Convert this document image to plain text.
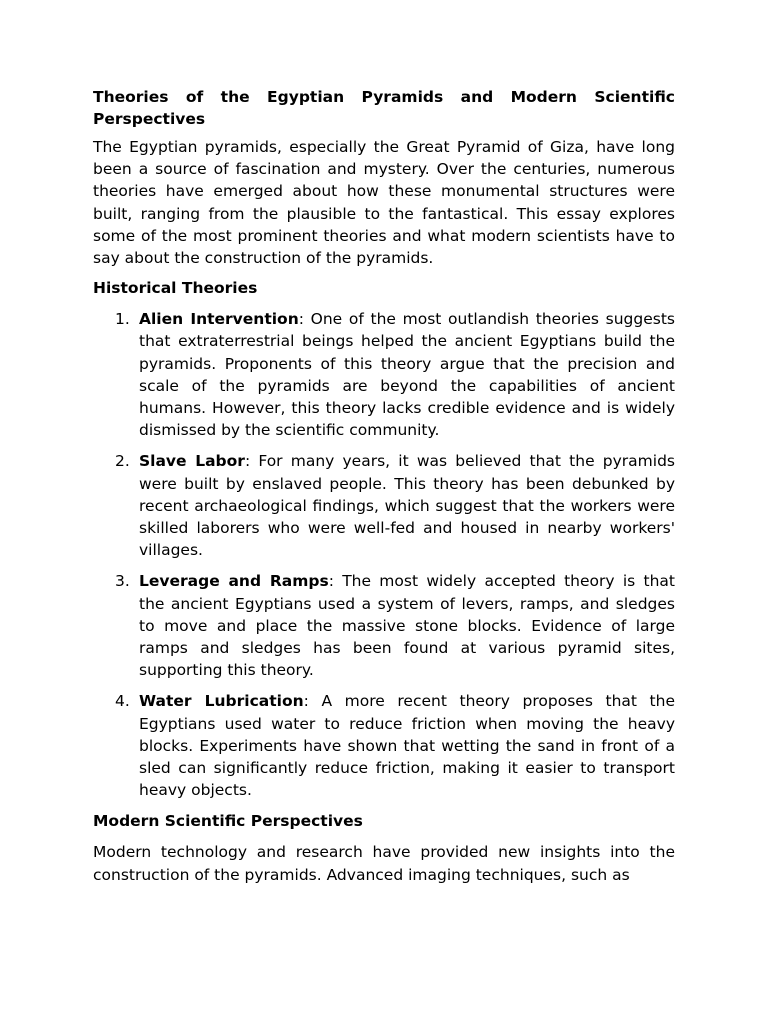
Theories of the Egyptian Pyramids and Modern Scientific Perspectives

The Egyptian pyramids, especially the Great Pyramid of Giza, have long been a source of fascination and mystery. Over the centuries, numerous theories have emerged about how these monumental structures were built, ranging from the plausible to the fantastical. This essay explores some of the most prominent theories and what modern scientists have to say about the construction of the pyramids.

Historical Theories
1. Alien Intervention: One of the most outlandish theories suggests that extraterrestrial beings helped the ancient Egyptians build the pyramids. Proponents of this theory argue that the precision and scale of the pyramids are beyond the capabilities of ancient humans. However, this theory lacks credible evidence and is widely dismissed by the scientific community.
2. Slave Labor: For many years, it was believed that the pyramids were built by enslaved people. This theory has been debunked by recent archaeological findings, which suggest that the workers were skilled laborers who were well-fed and housed in nearby workers' villages.
3. Leverage and Ramps: The most widely accepted theory is that the ancient Egyptians used a system of levers, ramps, and sledges to move and place the massive stone blocks. Evidence of large ramps and sledges has been found at various pyramid sites, supporting this theory.
4. Water Lubrication: A more recent theory proposes that the Egyptians used water to reduce friction when moving the heavy blocks. Experiments have shown that wetting the sand in front of a sled can significantly reduce friction, making it easier to transport heavy objects.
Modern Scientific Perspectives

Modern technology and research have provided new insights into the construction of the pyramids. Advanced imaging techniques, such as
